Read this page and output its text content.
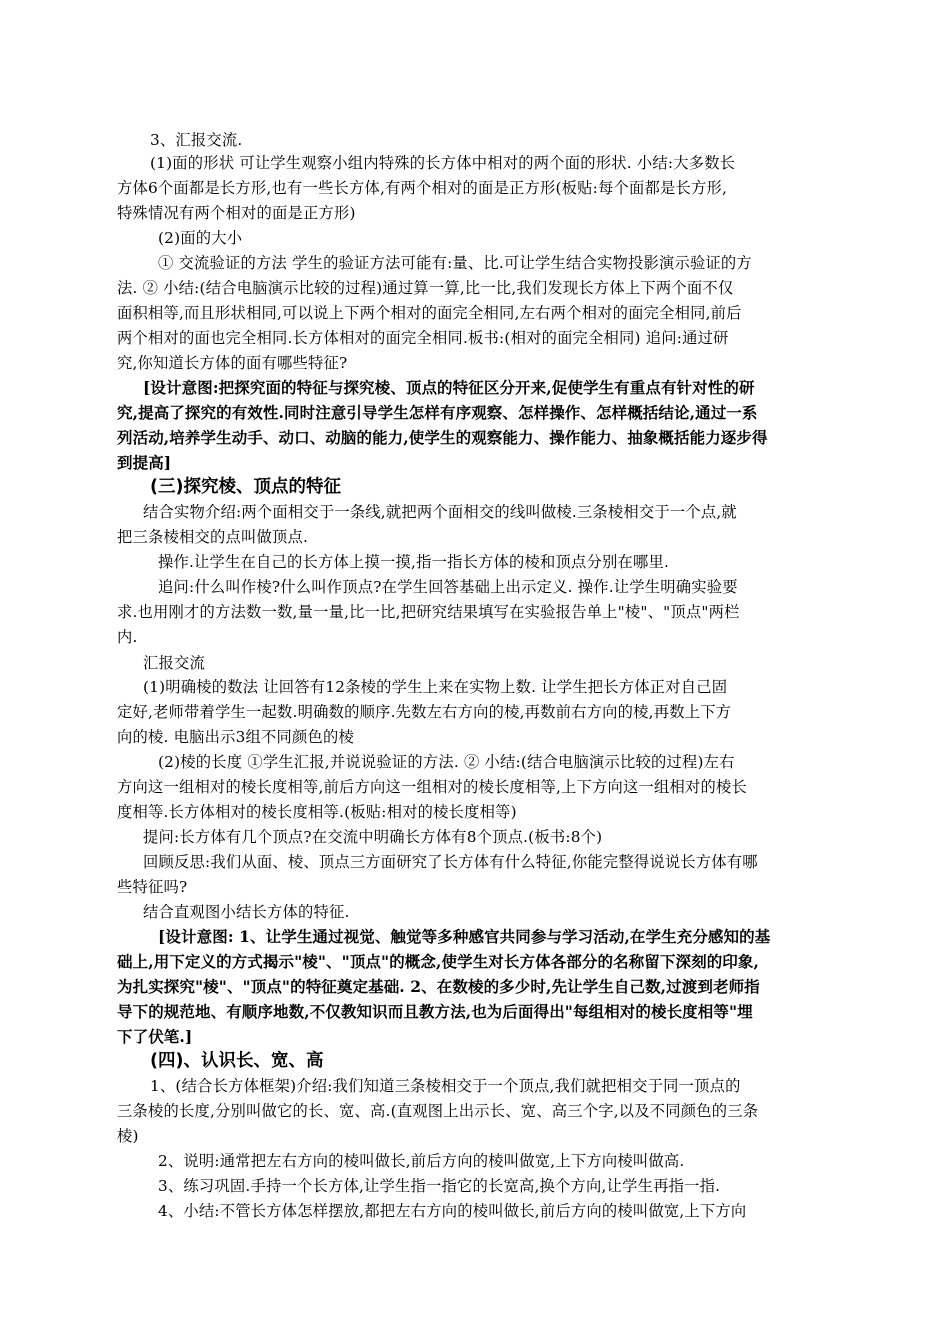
3、汇报交流.
(1)面的形状 可让学生观察小组内特殊的长方体中相对的两个面的形状. 小结:大多数长
方体6个面都是长方形,也有一些长方体,有两个相对的面是正方形(板贴:每个面都是长方形,
特殊情况有两个相对的面是正方形)
(2)面的大小
① 交流验证的方法 学生的验证方法可能有:量、比.可让学生结合实物投影演示验证的方
法. ② 小结:(结合电脑演示比较的过程)通过算一算,比一比,我们发现长方体上下两个面不仅
面积相等,而且形状相同,可以说上下两个相对的面完全相同,左右两个相对的面完全相同,前后
两个相对的面也完全相同.长方体相对的面完全相同.板书:(相对的面完全相同) 追问:通过研
究,你知道长方体的面有哪些特征?
[设计意图:把探究面的特征与探究棱、顶点的特征区分开来,促使学生有重点有针对性的研
究,提高了探究的有效性.同时注意引导学生怎样有序观察、怎样操作、怎样概括结论,通过一系
列活动,培养学生动手、动口、动脑的能力,使学生的观察能力、操作能力、抽象概括能力逐步得
到提高]
(三)探究棱、顶点的特征
结合实物介绍:两个面相交于一条线,就把两个面相交的线叫做棱.三条棱相交于一个点,就
把三条棱相交的点叫做顶点.
操作.让学生在自己的长方体上摸一摸,指一指长方体的棱和顶点分别在哪里.
追问:什么叫作棱?什么叫作顶点?在学生回答基础上出示定义. 操作.让学生明确实验要
求.也用刚才的方法数一数,量一量,比一比,把研究结果填写在实验报告单上"棱"、"顶点"两栏
内.
汇报交流
(1)明确棱的数法 让回答有12条棱的学生上来在实物上数. 让学生把长方体正对自己固
定好,老师带着学生一起数.明确数的顺序.先数左右方向的棱,再数前右方向的棱,再数上下方
向的棱. 电脑出示3组不同颜色的棱
(2)棱的长度 ①学生汇报,并说说验证的方法. ② 小结:(结合电脑演示比较的过程)左右
方向这一组相对的棱长度相等,前后方向这一组相对的棱长度相等,上下方向这一组相对的棱长
度相等.长方体相对的棱长度相等.(板贴:相对的棱长度相等)
提问:长方体有几个顶点?在交流中明确长方体有8个顶点.(板书:8个)
回顾反思:我们从面、棱、顶点三方面研究了长方体有什么特征,你能完整得说说长方体有哪
些特征吗?
结合直观图小结长方体的特征.
[设计意图: 1、让学生通过视觉、触觉等多种感官共同参与学习活动,在学生充分感知的基
础上,用下定义的方式揭示"棱"、"顶点"的概念,使学生对长方体各部分的名称留下深刻的印象,
为扎实探究"棱"、"顶点"的特征奠定基础. 2、在数棱的多少时,先让学生自己数,过渡到老师指
导下的规范地、有顺序地数,不仅教知识而且教方法,也为后面得出"每组相对的棱长度相等"埋
下了伏笔.]
(四)、认识长、宽、高
1、(结合长方体框架)介绍:我们知道三条棱相交于一个顶点,我们就把相交于同一顶点的
三条棱的长度,分别叫做它的长、宽、高.(直观图上出示长、宽、高三个字,以及不同颜色的三条
棱)
2、说明:通常把左右方向的棱叫做长,前后方向的棱叫做宽,上下方向棱叫做高.
3、练习巩固.手持一个长方体,让学生指一指它的长宽高,换个方向,让学生再指一指.
4、小结:不管长方体怎样摆放,都把左右方向的棱叫做长,前后方向的棱叫做宽,上下方向
